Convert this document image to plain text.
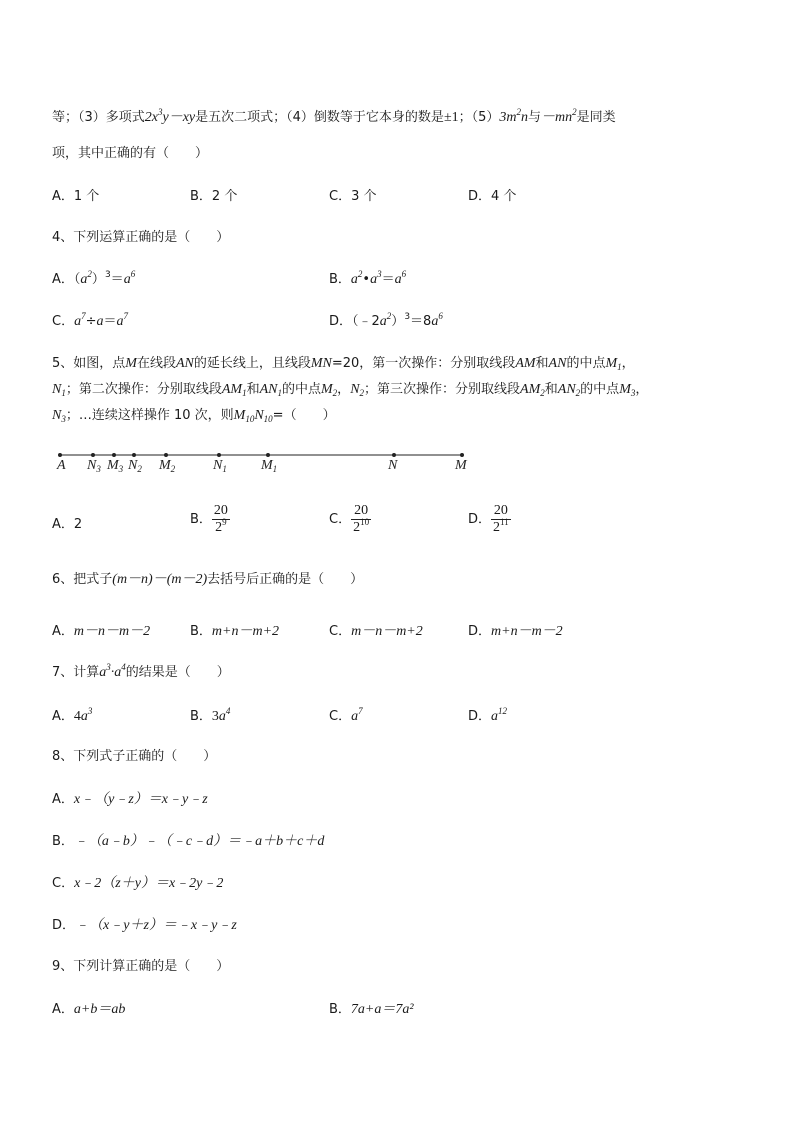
等；（3）多项式$2x^3y-xy$是五次二项式；（4）倒数等于它本身的数是±1；$(5)3m^2n$与$-mn^2$是同类
项，其中正确的有（　　）
A．1 个	B．2 个	C．3 个	D．4 个
4、下列运算正确的是（　　）
A．$(a^2)^3=a^6$	B．$a^2•a^3=a^6$
C．$a^7\div a=a^7$	D．$(﹣2a^2)^3=8a^6$
5、如图，点M在线段AN的延长线上，且线段MN=20，第一次操作：分别取线段AM和AN的中点$M_1$，
$N_1$；第二次操作：分别取线段$AM_1$和$AN_1$的中点$M_2$，$N_2$；第三次操作：分别取线段$AM_2$和$AN_2$的中点$M_3$，
$N_3$；…连续这样操作 10 次，则$M_{10}N_{10}=$（　　）
A $N_3$ $M_3$ $N_2$ $M_2$	$N_1$ $M_1$	N	M
A．2	B． $\frac{20}{2^9}$	C． $\frac{20}{2^{10}}$	D． $\frac{20}{2^{11}}$
6、把式子(m－n)－(m－2)去括号后正确的是（　　）
A．m－n－m－2	B．m+n－m+2	C．m－n－m+2	D．m+n－m－2
7、计算$a^3\cdot a^4$的结果是（　　）
A．$4a^3$	B．$3a^4$	C．$a^7$	D．$a^{12}$
8、下列式子正确的（　　）
A．x﹣（y﹣z）＝x﹣y﹣z
B．﹣（a﹣b）﹣（﹣c﹣d）＝﹣a＋b＋c＋d
C．x﹣2（z＋y）＝x﹣2y﹣2
D．﹣（x﹣y＋z）＝﹣x﹣y﹣z
9、下列计算正确的是（　　）
A．a+b＝ab	B．7a+a＝7a²
